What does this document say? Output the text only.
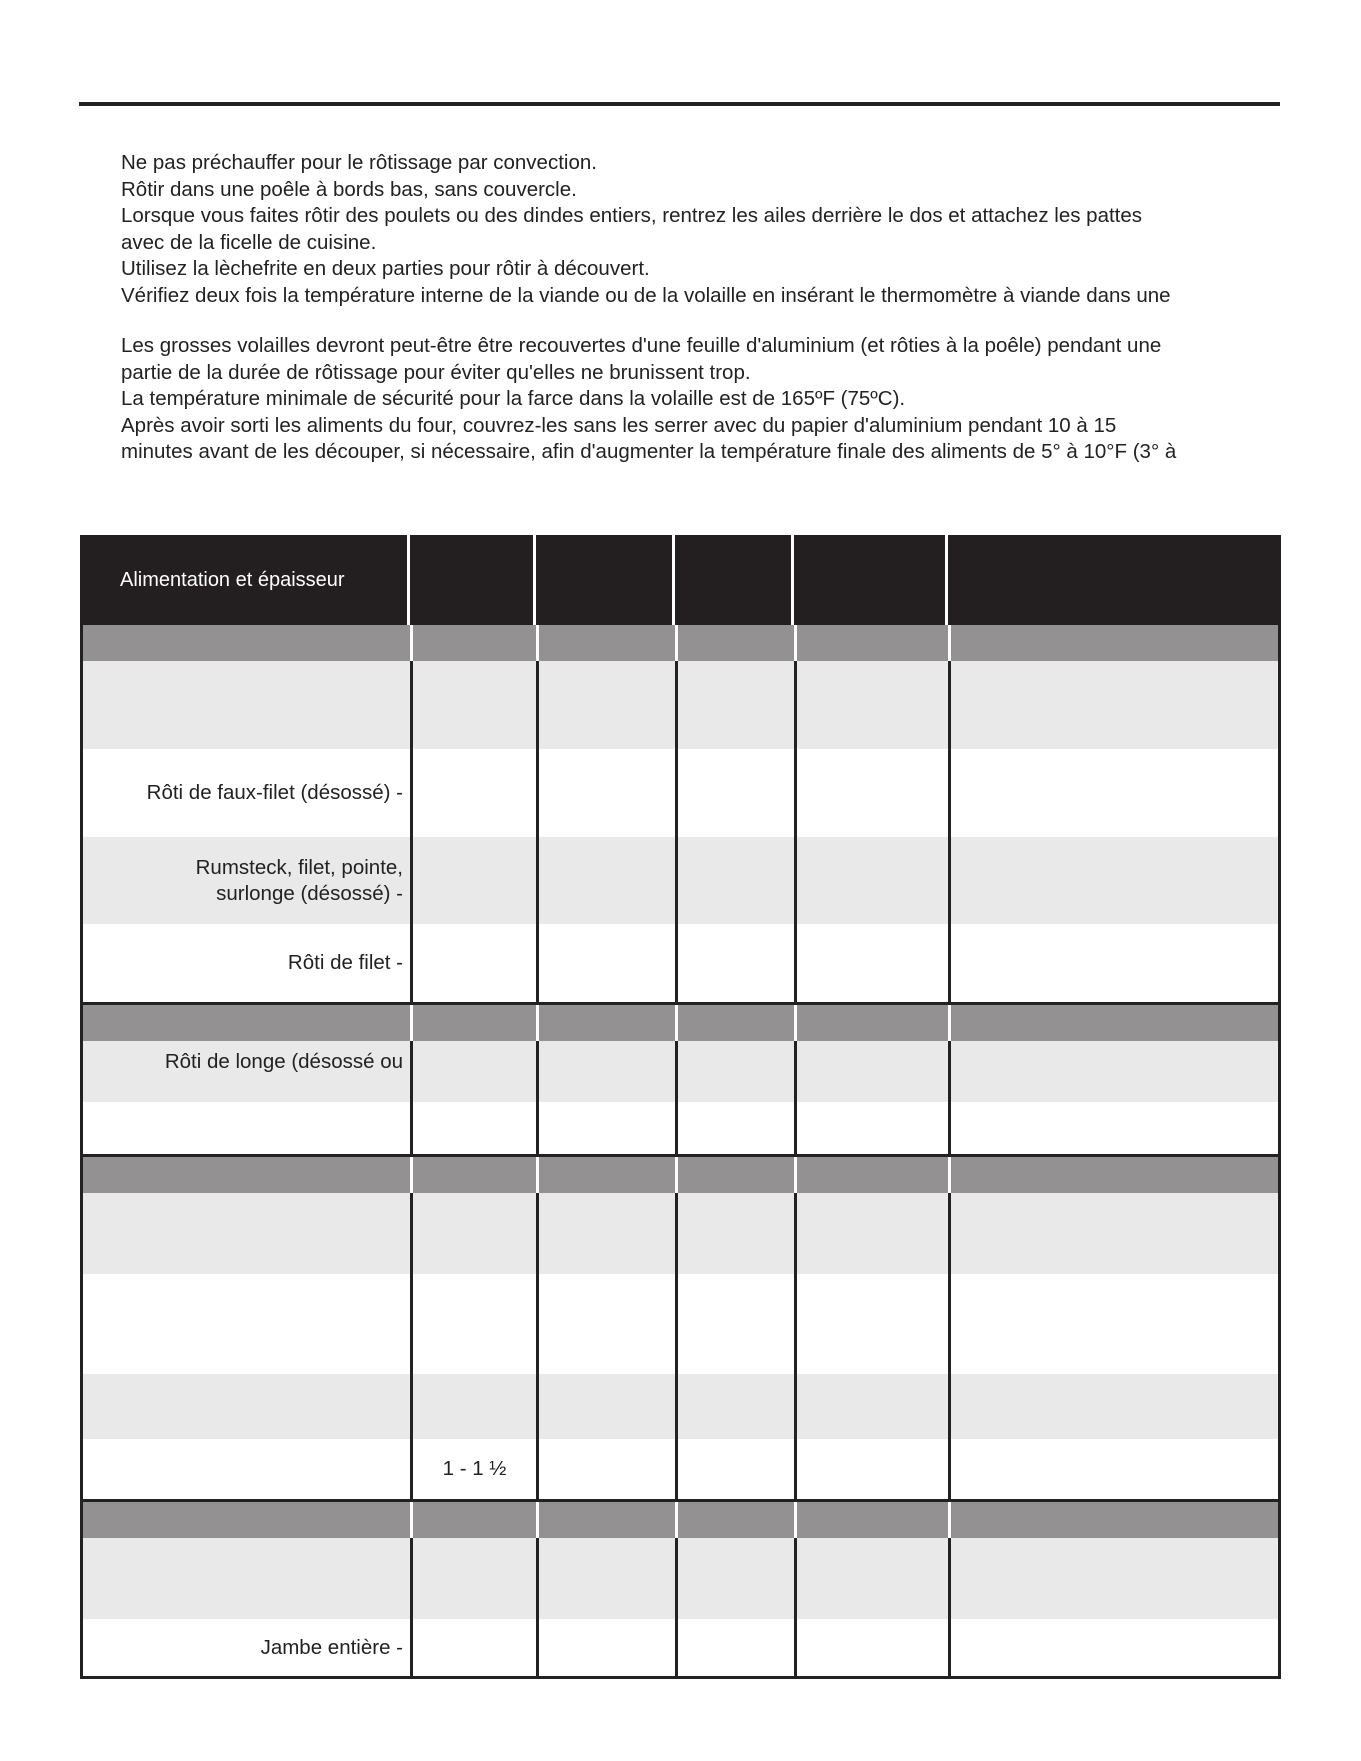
Ne pas préchauffer pour le rôtissage par convection.
Rôtir dans une poêle à bords bas, sans couvercle.
Lorsque vous faites rôtir des poulets ou des dindes entiers, rentrez les ailes derrière le dos et attachez les pattes
avec de la ficelle de cuisine.
Utilisez la lèchefrite en deux parties pour rôtir à découvert.
Vérifiez deux fois la température interne de la viande ou de la volaille en insérant le thermomètre à viande dans une
Les grosses volailles devront peut-être être recouvertes d'une feuille d'aluminium (et rôties à la poêle) pendant une
partie de la durée de rôtissage pour éviter qu'elles ne brunissent trop.
La température minimale de sécurité pour la farce dans la volaille est de 165ºF (75ºC).
Après avoir sorti les aliments du four, couvrez-les sans les serrer avec du papier d'aluminium pendant 10 à 15
minutes avant de les découper, si nécessaire, afin d'augmenter la température finale des aliments de 5° à 10°F (3° à
Alimentation et épaisseur
Rôti de faux-filet (désossé) -
Rumsteck, filet, pointe,
surlonge (désossé) -
Rôti de filet -
Rôti de longe (désossé ou
1 - 1 ½
Jambe entière -
